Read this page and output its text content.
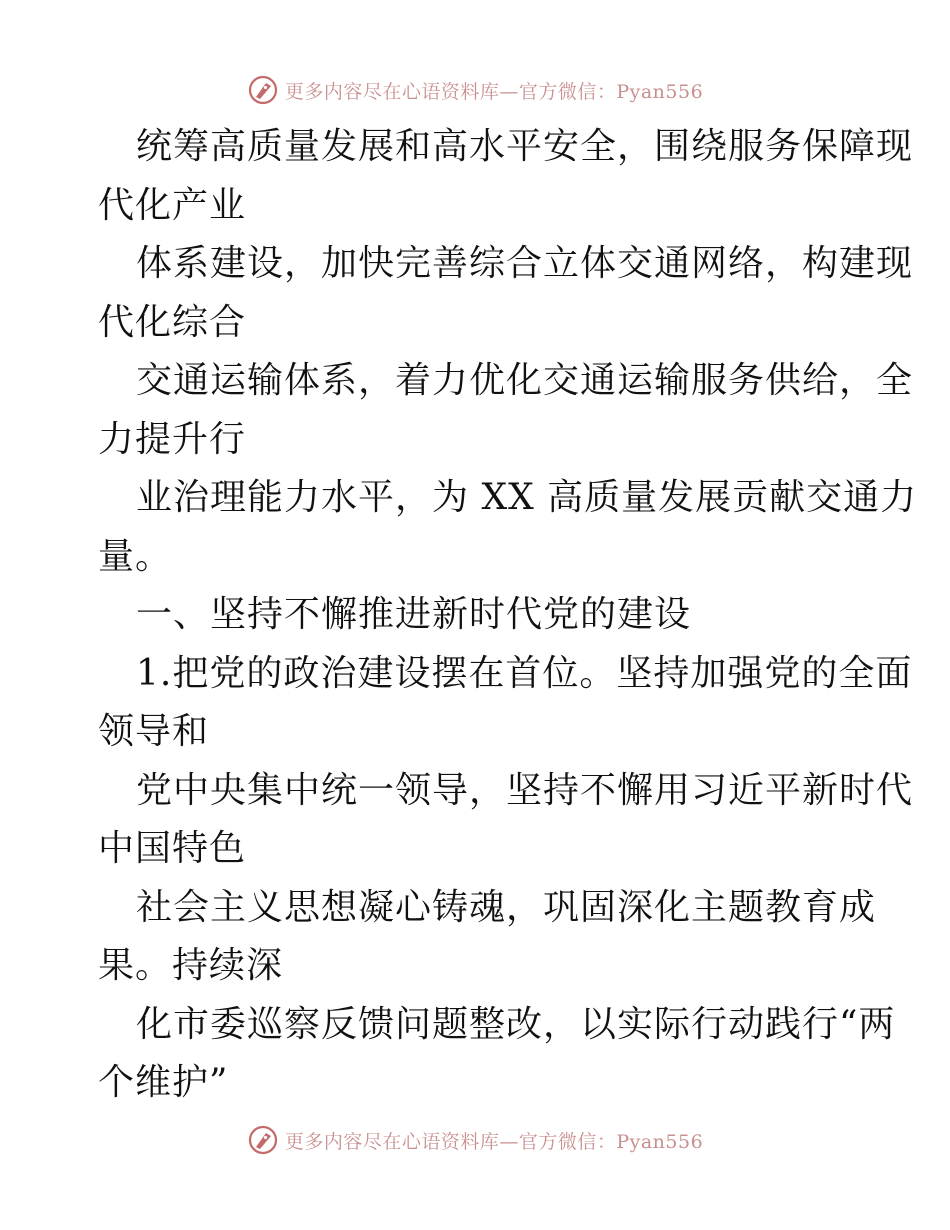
更多内容尽在心语资料库—官方微信：Pyan556
统筹高质量发展和高水平安全，围绕服务保障现
代化产业
体系建设，加快完善综合立体交通网络，构建现
代化综合
交通运输体系，着力优化交通运输服务供给，全
力提升行
业治理能力水平，为 XX 高质量发展贡献交通力
量。
一、坚持不懈推进新时代党的建设
1.把党的政治建设摆在首位。坚持加强党的全面
领导和
党中央集中统一领导，坚持不懈用习近平新时代
中国特色
社会主义思想凝心铸魂，巩固深化主题教育成
果。持续深
化市委巡察反馈问题整改，以实际行动践行“两
个维护”
更多内容尽在心语资料库—官方微信：Pyan556
